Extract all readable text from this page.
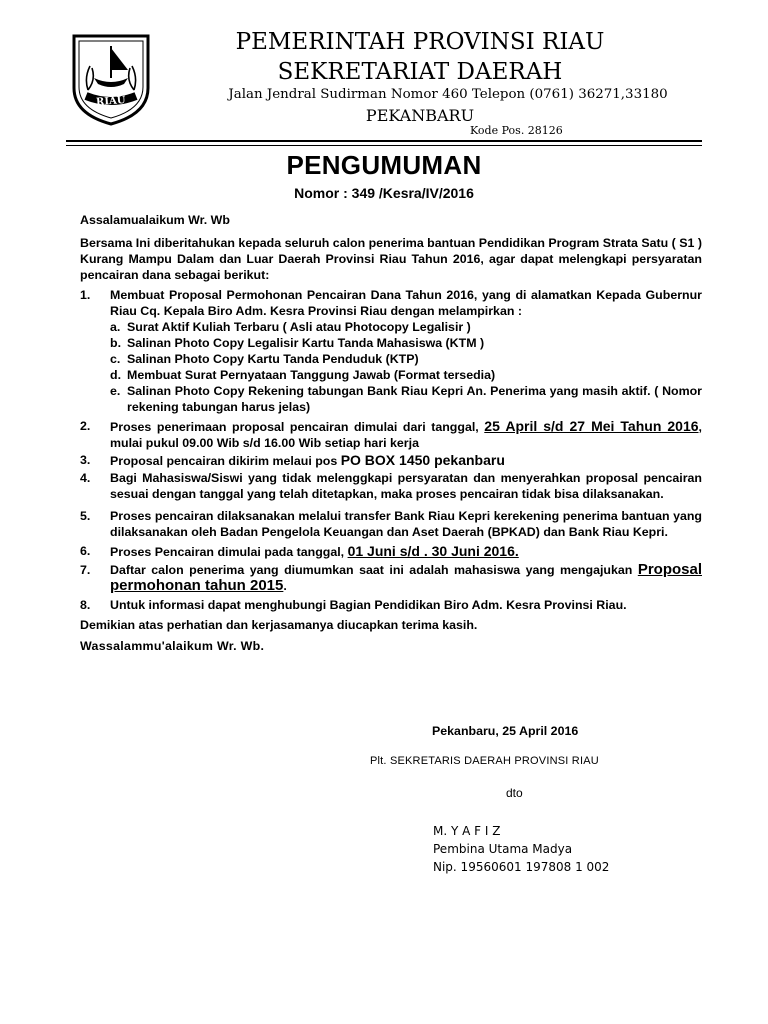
RIAU
PEMERINTAH PROVINSI RIAU
SEKRETARIAT DAERAH
Jalan Jendral Sudirman Nomor 460 Telepon (0761) 36271,33180
PEKANBARU
Kode Pos. 28126
PENGUMUMAN
Nomor : 349 /Kesra/IV/2016

Assalamualaikum Wr. Wb

Bersama Ini diberitahukan kepada seluruh calon penerima bantuan Pendidikan Program Strata Satu ( S1 ) Kurang Mampu Dalam dan Luar Daerah Provinsi Riau Tahun 2016, agar dapat melengkapi persyaratan pencairan dana sebagai berikut:

1. Membuat Proposal Permohonan Pencairan Dana Tahun 2016, yang di alamatkan Kepada Gubernur Riau Cq. Kepala Biro Adm. Kesra Provinsi Riau dengan melampirkan :
a. Surat Aktif Kuliah Terbaru ( Asli atau Photocopy Legalisir )
b. Salinan Photo Copy Legalisir Kartu Tanda Mahasiswa (KTM )
c. Salinan Photo Copy Kartu Tanda Penduduk (KTP)
d. Membuat Surat Pernyataan Tanggung Jawab (Format tersedia)
e. Salinan Photo Copy Rekening tabungan Bank Riau Kepri An. Penerima yang masih aktif. ( Nomor rekening tabungan harus jelas)
2. Proses penerimaan proposal pencairan dimulai dari tanggal, 25 April s/d 27 Mei Tahun 2016, mulai pukul 09.00 Wib s/d 16.00 Wib setiap hari kerja
3. Proposal pencairan dikirim melaui pos PO BOX 1450 pekanbaru
4. Bagi Mahasiswa/Siswi yang tidak melenggkapi persyaratan dan menyerahkan proposal pencairan sesuai dengan tanggal yang telah ditetapkan, maka proses pencairan tidak bisa dilaksanakan.
5. Proses pencairan dilaksanakan melalui transfer Bank Riau Kepri kerekening penerima bantuan yang dilaksanakan oleh Badan Pengelola Keuangan dan Aset Daerah (BPKAD) dan Bank Riau Kepri.
6. Proses Pencairan dimulai pada tanggal, 01 Juni s/d . 30 Juni 2016.
7. Daftar calon penerima yang diumumkan saat ini adalah mahasiswa yang mengajukan Proposal permohonan tahun 2015.
8. Untuk informasi dapat menghubungi Bagian Pendidikan Biro Adm. Kesra Provinsi Riau.

Demikian atas perhatian dan kerjasamanya diucapkan terima kasih.

Wassalammu'alaikum Wr. Wb.

Pekanbaru, 25 April 2016
Plt. SEKRETARIS DAERAH PROVINSI RIAU
dto
M. Y A F I Z
Pembina Utama Madya
Nip. 19560601 197808 1 002
